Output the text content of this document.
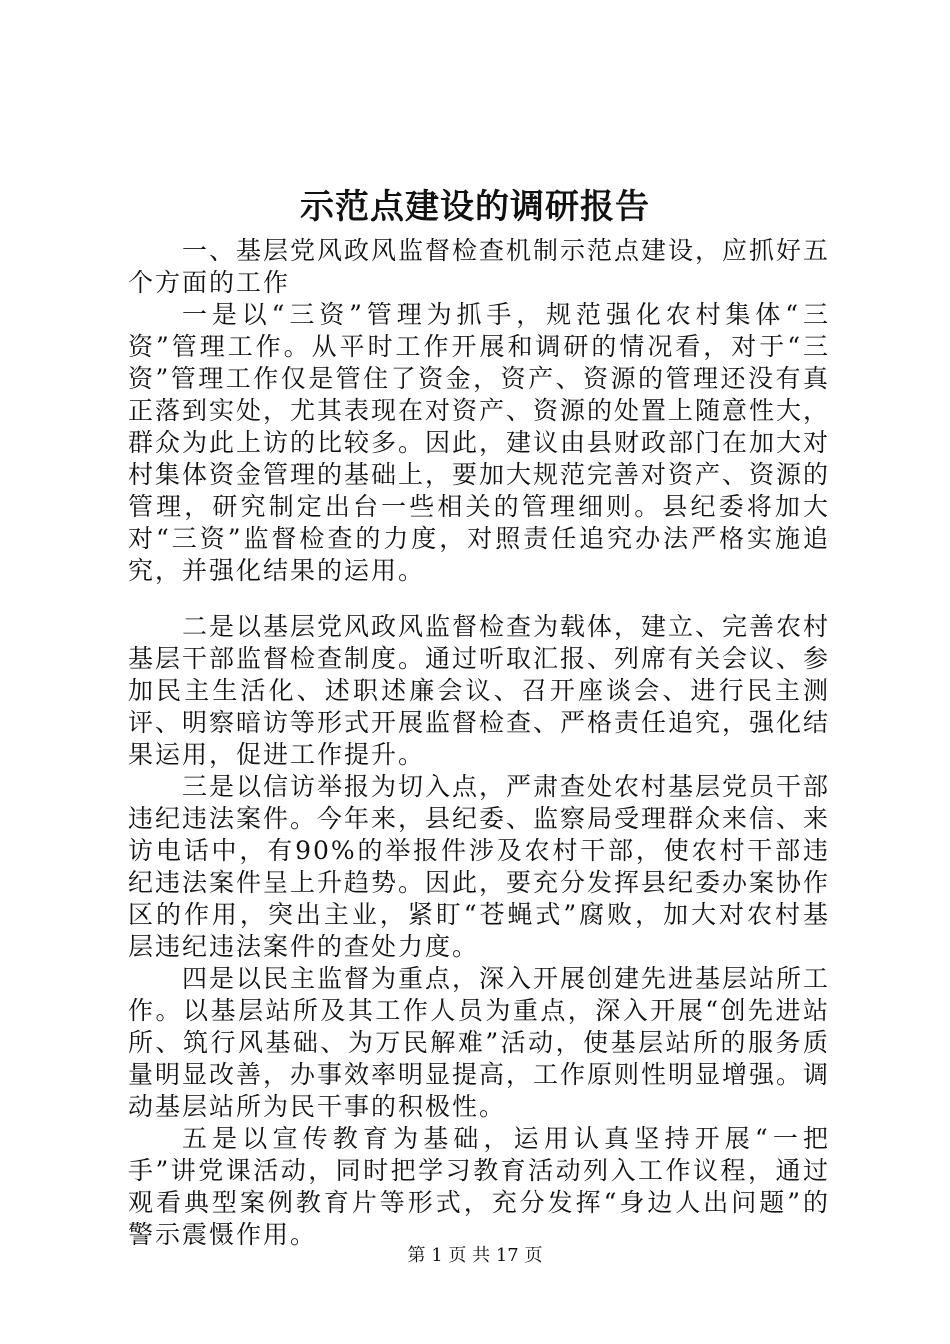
示范点建设的调研报告

一、基层党风政风监督检查机制示范点建设，应抓好五个方面的工作

一是以“三资”管理为抓手，规范强化农村集体“三资”管理工作。从平时工作开展和调研的情况看，对于“三资”管理工作仅是管住了资金，资产、资源的管理还没有真正落到实处，尤其表现在对资产、资源的处置上随意性大，群众为此上访的比较多。因此，建议由县财政部门在加大对村集体资金管理的基础上，要加大规范完善对资产、资源的管理，研究制定出台一些相关的管理细则。县纪委将加大对“三资”监督检查的力度，对照责任追究办法严格实施追究，并强化结果的运用。

二是以基层党风政风监督检查为载体，建立、完善农村基层干部监督检查制度。通过听取汇报、列席有关会议、参加民主生活化、述职述廉会议、召开座谈会、进行民主测评、明察暗访等形式开展监督检查、严格责任追究，强化结果运用，促进工作提升。

三是以信访举报为切入点，严肃查处农村基层党员干部违纪违法案件。今年来，县纪委、监察局受理群众来信、来访电话中，有90%的举报件涉及农村干部，使农村干部违纪违法案件呈上升趋势。因此，要充分发挥县纪委办案协作区的作用，突出主业，紧盯“苍蝇式”腐败，加大对农村基层违纪违法案件的查处力度。

四是以民主监督为重点，深入开展创建先进基层站所工作。以基层站所及其工作人员为重点，深入开展“创先进站所、筑行风基础、为万民解难”活动，使基层站所的服务质量明显改善，办事效率明显提高，工作原则性明显增强。调动基层站所为民干事的积极性。

五是以宣传教育为基础，运用认真坚持开展“一把手”讲党课活动，同时把学习教育活动列入工作议程，通过观看典型案例教育片等形式，充分发挥“身边人出问题”的警示震慑作用。

第 1 页 共 17 页
